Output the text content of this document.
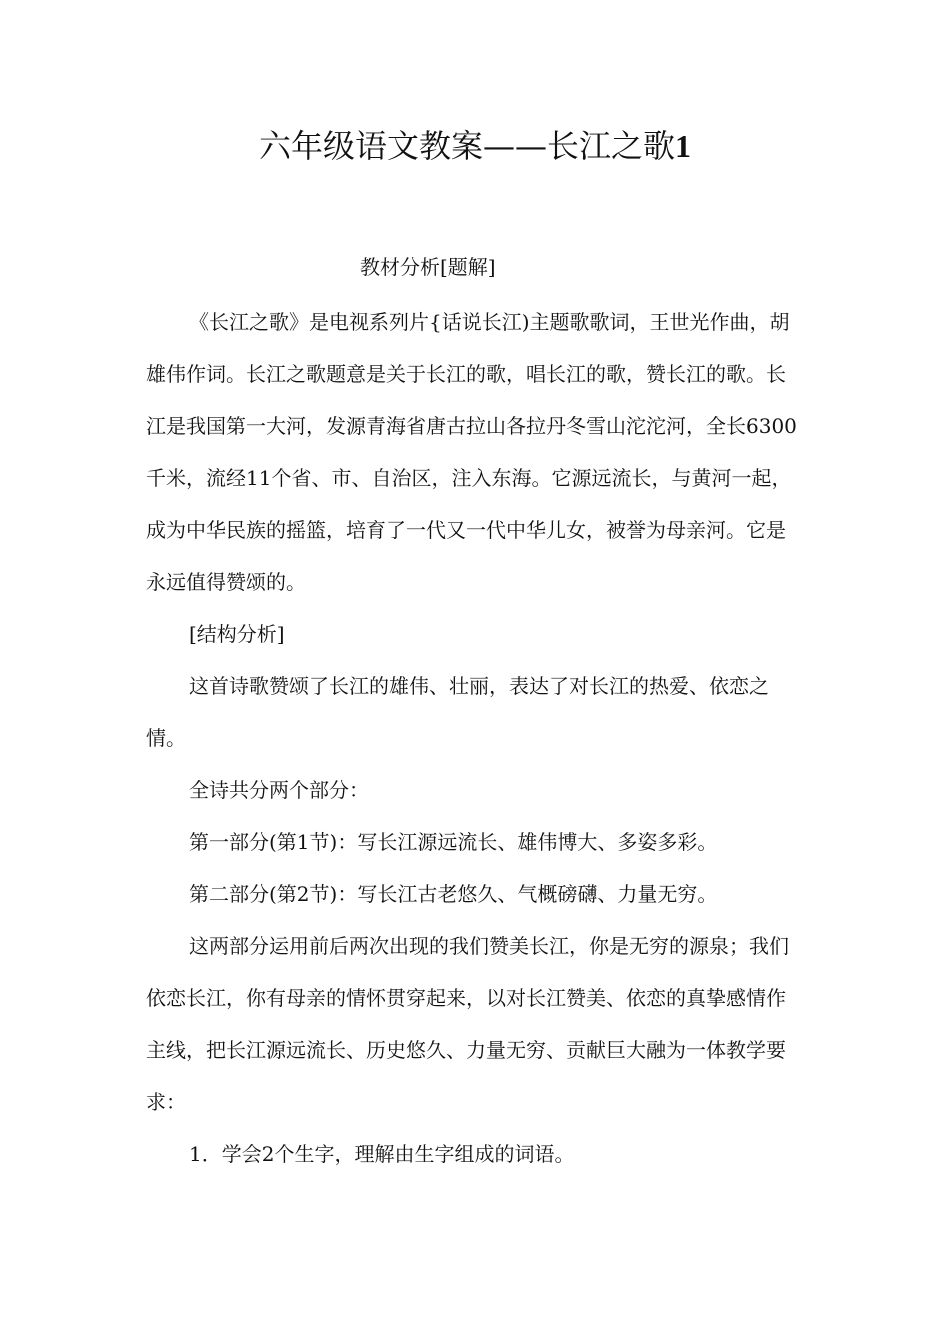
六年级语文教案——长江之歌1
教材分析[题解]

《长江之歌》是电视系列片{话说长江)主题歌歌词，王世光作曲，胡雄伟作词。长江之歌题意是关于长江的歌，唱长江的歌，赞长江的歌。长江是我国第一大河，发源青海省唐古拉山各拉丹冬雪山沱沱河，全长6300千米，流经11个省、市、自治区，注入东海。它源远流长，与黄河一起，成为中华民族的摇篮，培育了一代又一代中华儿女，被誉为母亲河。它是永远值得赞颂的。

[结构分析]

这首诗歌赞颂了长江的雄伟、壮丽，表达了对长江的热爱、依恋之情。

全诗共分两个部分：

第一部分(第1节)：写长江源远流长、雄伟博大、多姿多彩。

第二部分(第2节)：写长江古老悠久、气概磅礴、力量无穷。

这两部分运用前后两次出现的我们赞美长江，你是无穷的源泉；我们依恋长江，你有母亲的情怀贯穿起来，以对长江赞美、依恋的真挚感情作主线，把长江源远流长、历史悠久、力量无穷、贡献巨大融为一体教学要求：

1．学会2个生字，理解由生字组成的词语。
